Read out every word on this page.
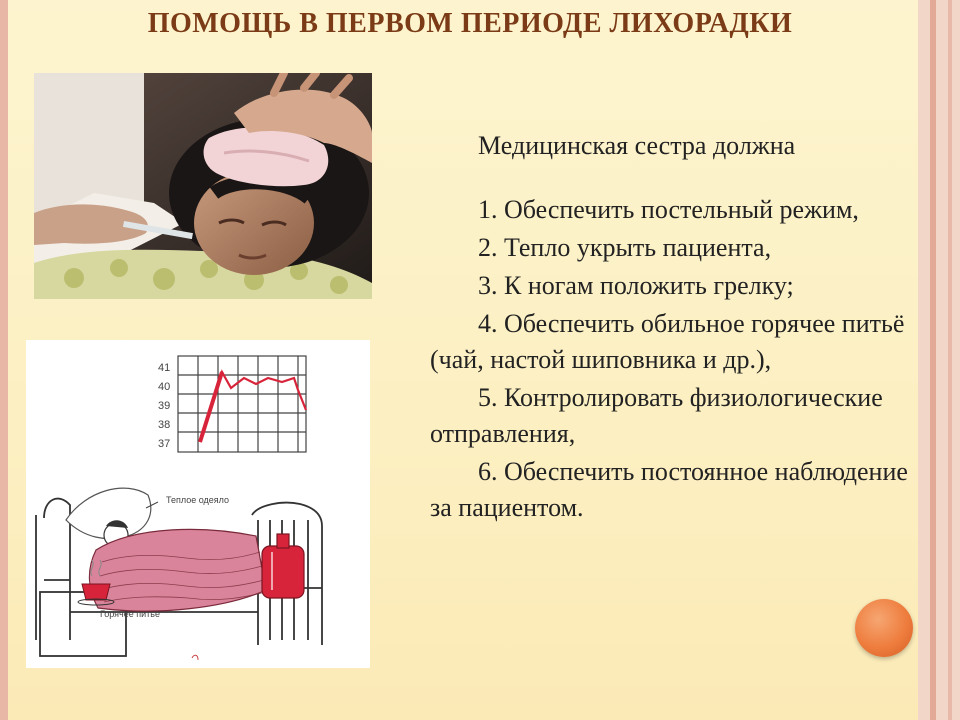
ПОМОЩЬ В ПЕРВОМ ПЕРИОДЕ ЛИХОРАДКИ
41
40
39
38
37
Теплое одеяло
Горячее питье
Медицинская сестра должна
1. Обеспечить постельный режим,
2. Тепло укрыть пациента,
3. К ногам положить грелку;
4. Обеспечить обильное горячее питьё (чай, настой шиповника и др.),
5. Контролировать физиологические отправления,
6. Обеспечить постоянное наблюдение за пациентом.
